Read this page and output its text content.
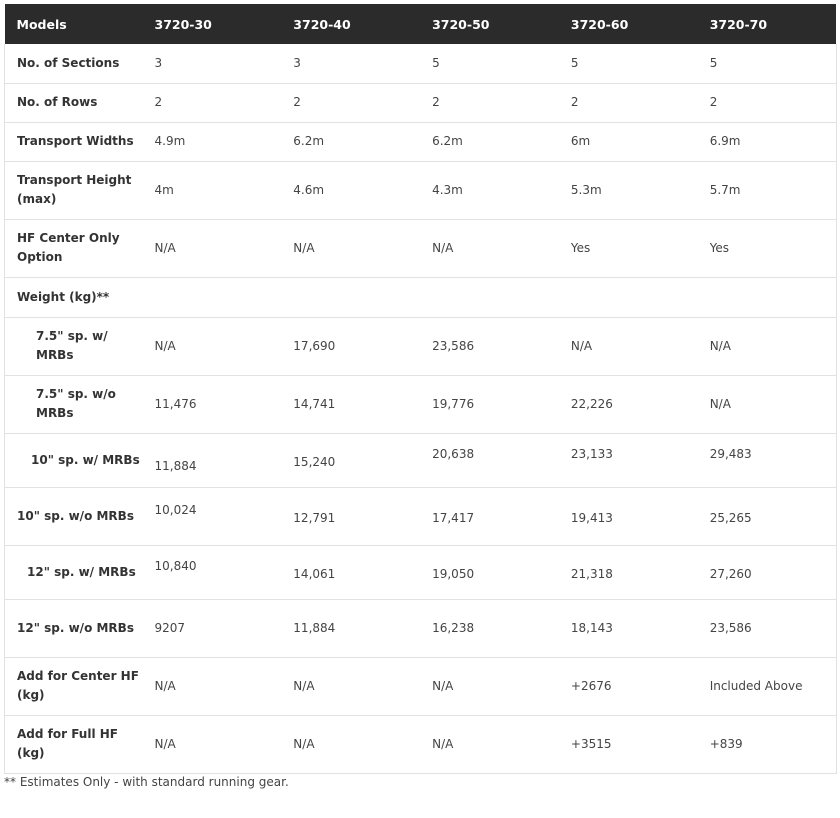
Models	3720-30	3720-40	3720-50	3720-60	3720-70
No. of Sections	3	3	5	5	5
No. of Rows	2	2	2	2	2
Transport Widths	4.9m	6.2m	6.2m	6m	6.9m
Transport Height (max)	4m	4.6m	4.3m	5.3m	5.7m
HF Center Only Option	N/A	N/A	N/A	Yes	Yes
Weight (kg)**					
7.5" sp. w/ MRBs	N/A	17,690	23,586	N/A	N/A
7.5" sp. w/o MRBs	11,476	14,741	19,776	22,226	N/A
10" sp. w/ MRBs	11,884	15,240	20,638	23,133	29,483
10" sp. w/o MRBs	10,024	12,791	17,417	19,413	25,265
12" sp. w/ MRBs	10,840	14,061	19,050	21,318	27,260
12" sp. w/o MRBs	9207	11,884	16,238	18,143	23,586
Add for Center HF (kg)	N/A	N/A	N/A	+2676	Included Above
Add for Full HF (kg)	N/A	N/A	N/A	+3515	+839
** Estimates Only - with standard running gear.
